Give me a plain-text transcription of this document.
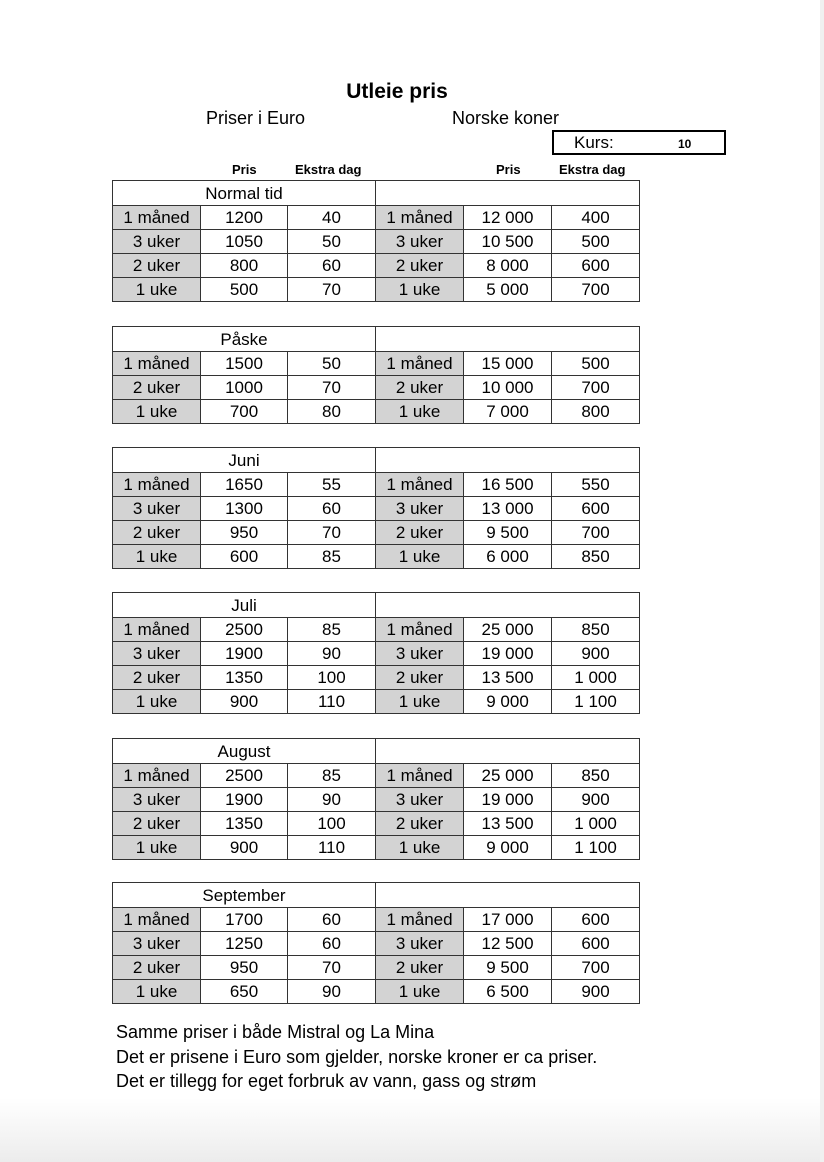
Utleie pris
Priser i Euro	Norske koner
Kurs:	10
Pris	Ekstra dag	Pris	Ekstra dag
Normal tid					
1 måned	1200	40	1 måned	12 000	400
3 uker	1050	50	3 uker	10 500	500
2 uker	800	60	2 uker	8 000	600
1 uke	500	70	1 uke	5 000	700
Påske					
1 måned	1500	50	1 måned	15 000	500
2 uker	1000	70	2 uker	10 000	700
1 uke	700	80	1 uke	7 000	800
Juni					
1 måned	1650	55	1 måned	16 500	550
3 uker	1300	60	3 uker	13 000	600
2 uker	950	70	2 uker	9 500	700
1 uke	600	85	1 uke	6 000	850
Juli					
1 måned	2500	85	1 måned	25 000	850
3 uker	1900	90	3 uker	19 000	900
2 uker	1350	100	2 uker	13 500	1 000
1 uke	900	110	1 uke	9 000	1 100
August					
1 måned	2500	85	1 måned	25 000	850
3 uker	1900	90	3 uker	19 000	900
2 uker	1350	100	2 uker	13 500	1 000
1 uke	900	110	1 uke	9 000	1 100
September					
1 måned	1700	60	1 måned	17 000	600
3 uker	1250	60	3 uker	12 500	600
2 uker	950	70	2 uker	9 500	700
1 uke	650	90	1 uke	6 500	900
Samme priser i både Mistral og La Mina
Det er prisene i Euro som gjelder, norske kroner er ca priser.
Det er tillegg for eget forbruk av vann, gass og strøm
